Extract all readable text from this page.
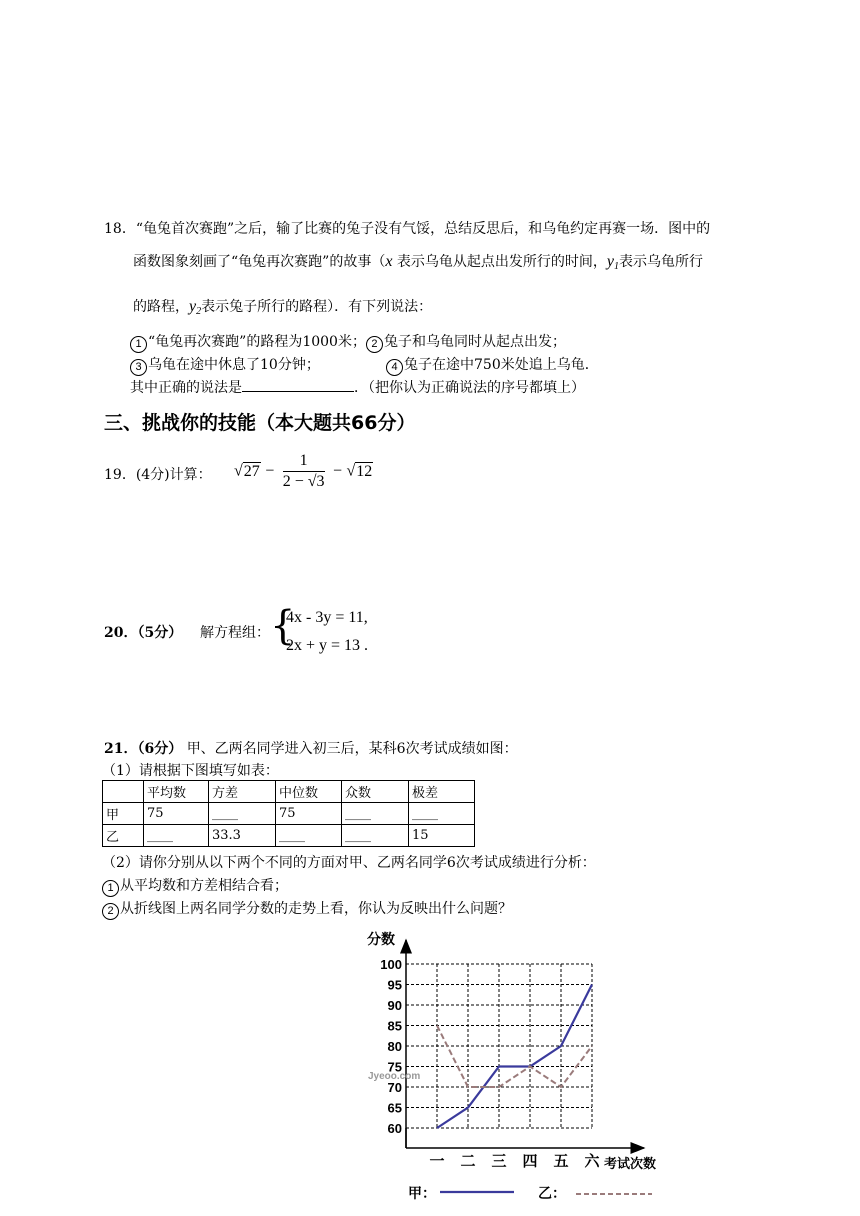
18．“龟兔首次赛跑”之后，输了比赛的兔子没有气馁，总结反思后，和乌龟约定再赛一场．图中的
函数图象刻画了“龟兔再次赛跑”的故事（x 表示乌龟从起点出发所行的时间，$y_1$表示乌龟所行
的路程，$y_2$表示兔子所行的路程）．有下列说法：
1 “龟兔再次赛跑”的路程为1000米； 2 兔子和乌龟同时从起点出发；
3 乌龟在途中休息了10分钟；	4 兔子在途中750米处追上乌龟．
其中正确的说法是	．（把你认为正确说法的序号都填上）
三、挑战你的技能（本大题共66分）
19．(4分)计算： $√27 - \frac{1}{2 - √3} - √12$
20．（5分） 解方程组： {
4x - 3y = 11,
2x + y = 13 .
21．（6分） 甲、乙两名同学进入初三后，某科6次考试成绩如图：
（1）请根据下图填写如表：
	平均数	方差	中位数	众数	极差
甲	75	____	75	____	____
乙	____	33.3	____	____	15
（2）请你分别从以下两个不同的方面对甲、乙两名同学6次考试成绩进行分析：
1 从平均数和方差相结合看；
2 从折线图上两名同学分数的走势上看，你认为反映出什么问题？
60
65
70
75
80
85
90
95
100
一 二 三 四 五 六
分数
考试次数
Jyeoo.com
甲：	乙：
